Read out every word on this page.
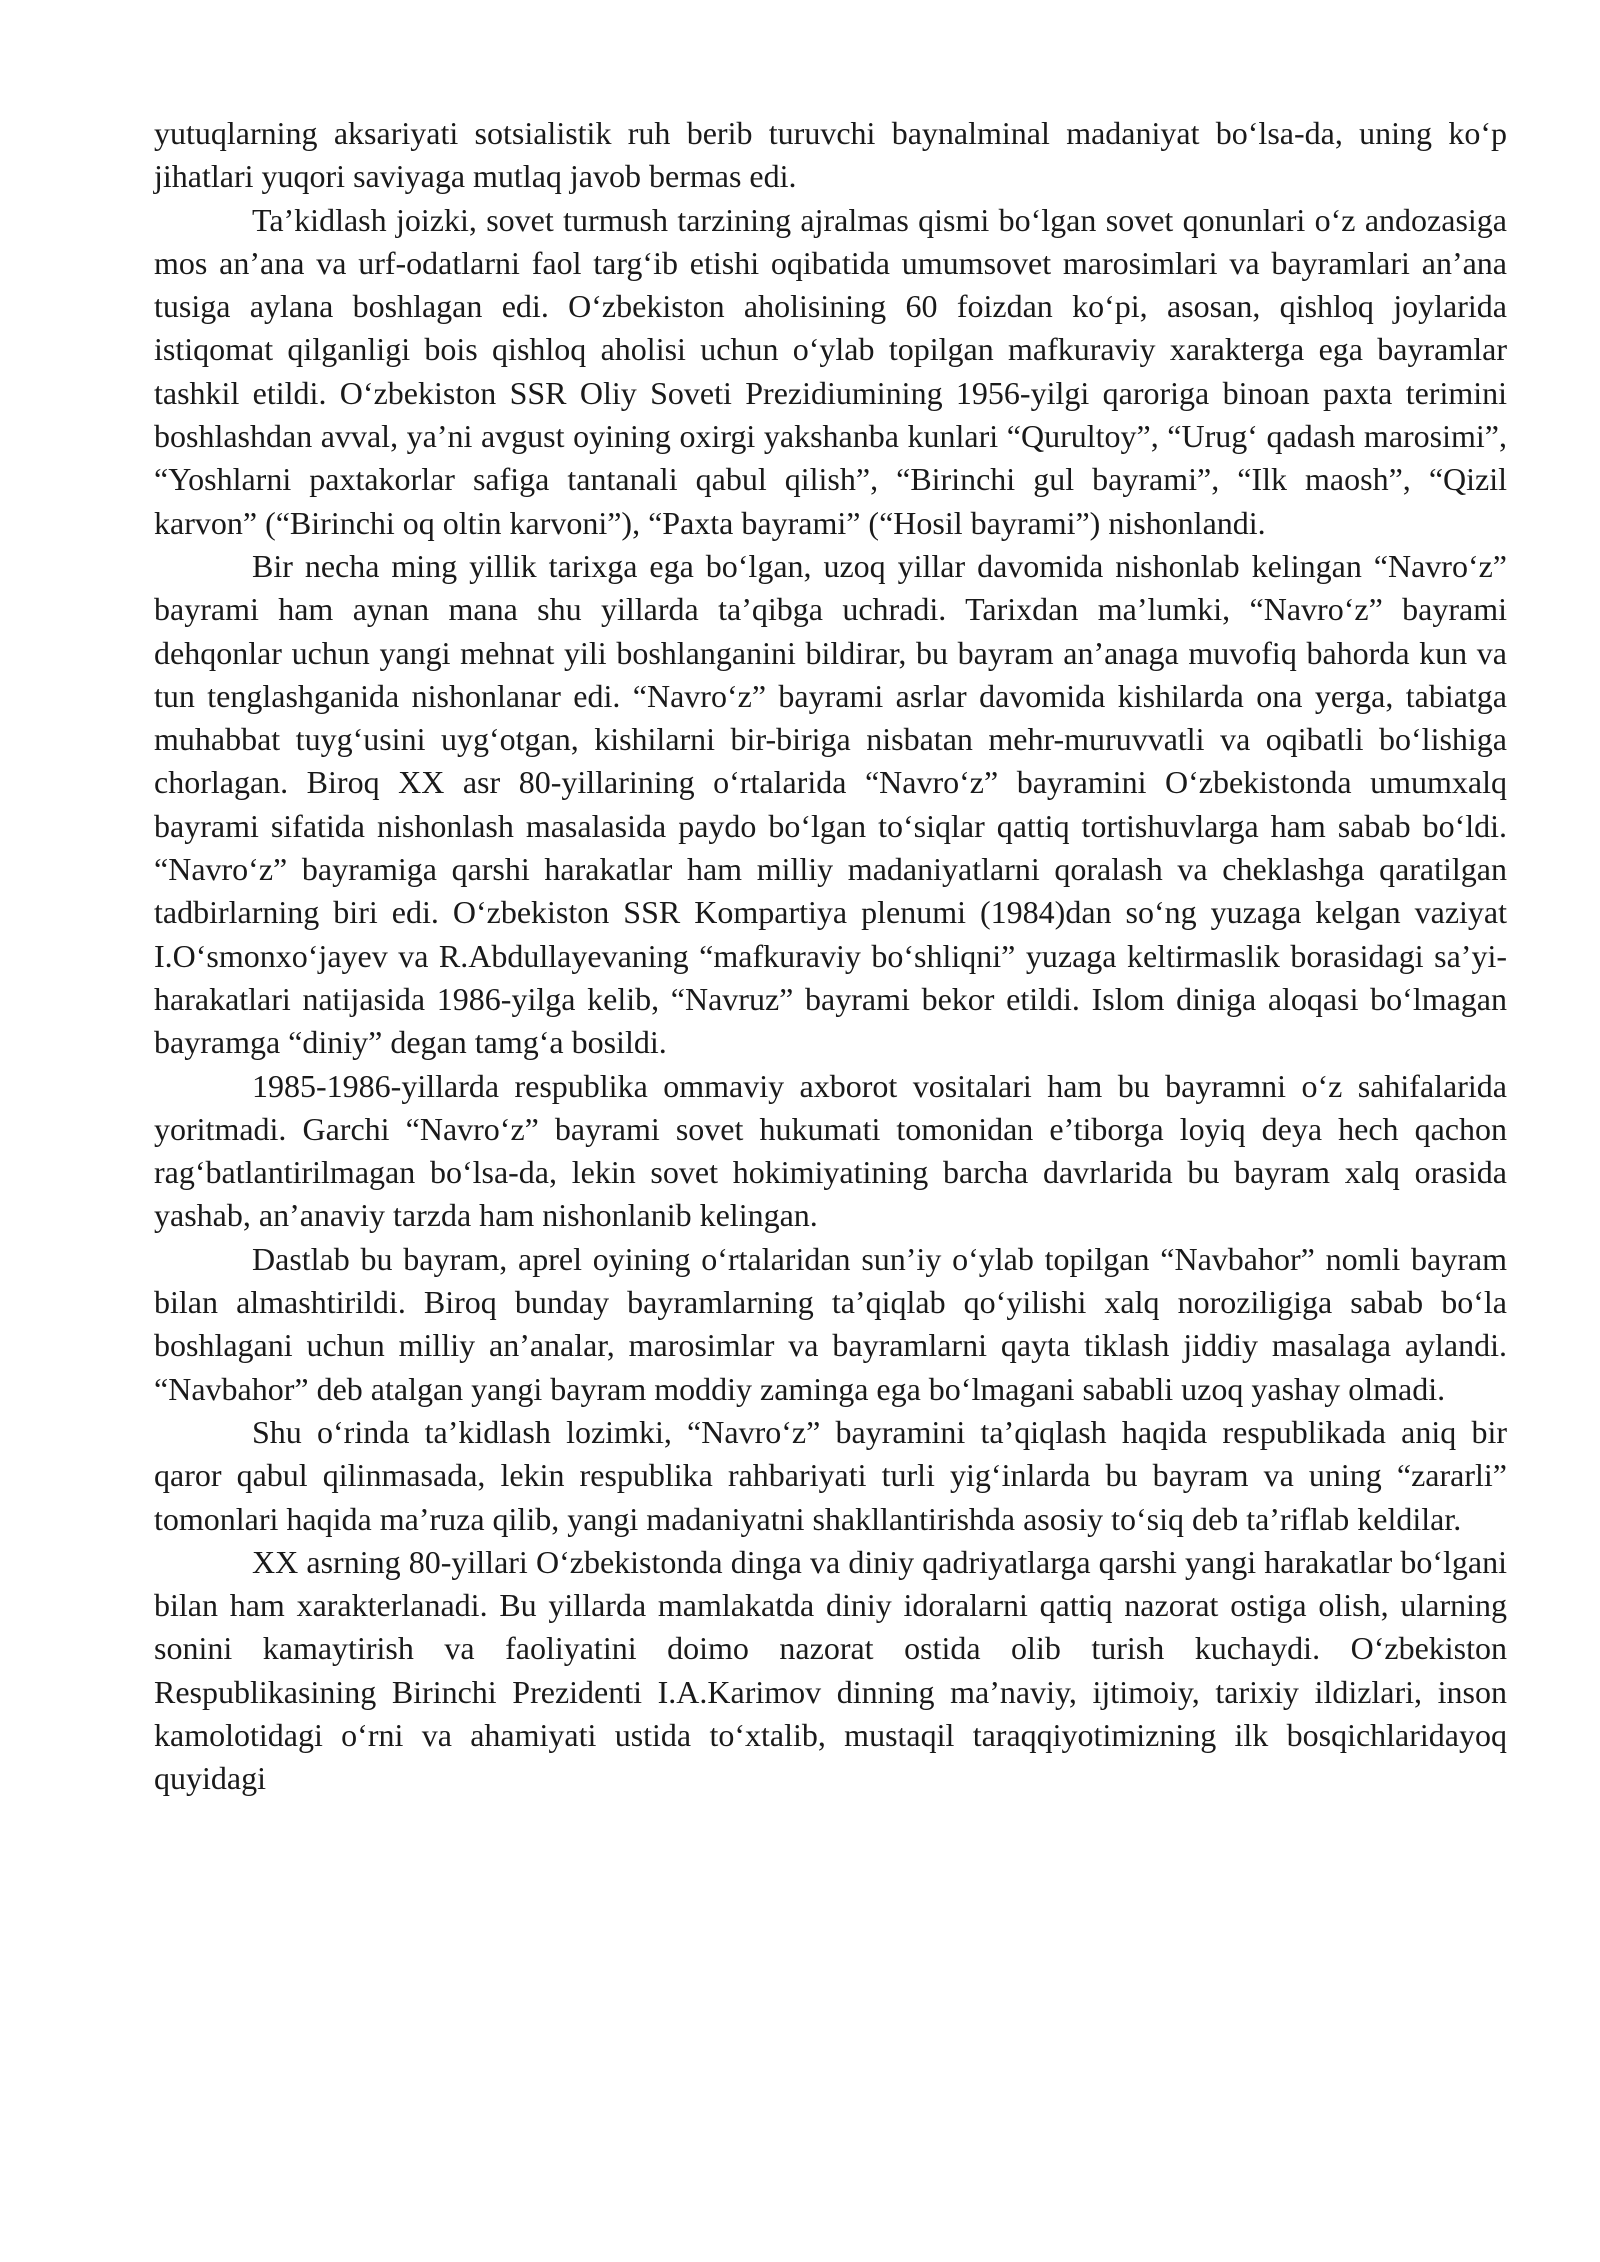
yutuqlarning aksariyati sotsialistik ruh berib turuvchi baynalminal madaniyat bo‘lsa-da, uning ko‘p jihatlari yuqori saviyaga mutlaq javob bermas edi.

Ta’kidlash joizki, sovet turmush tarzining ajralmas qismi bo‘lgan sovet qonunlari o‘z andozasiga mos an’ana va urf-odatlarni faol targ‘ib etishi oqibatida umumsovet marosimlari va bayramlari an’ana tusiga aylana boshlagan edi. O‘zbekiston aholisining 60 foizdan ko‘pi, asosan, qishloq joylarida istiqomat qilganligi bois qishloq aholisi uchun o‘ylab topilgan mafkuraviy xarakterga ega bayramlar tashkil etildi. O‘zbekiston SSR Oliy Soveti Prezidiumining 1956-yilgi qaroriga binoan paxta terimini boshlashdan avval, ya’ni avgust oyining oxirgi yakshanba kunlari “Qurultoy”, “Urug‘ qadash marosimi”, “Yoshlarni paxtakorlar safiga tantanali qabul qilish”, “Birinchi gul bayrami”, “Ilk maosh”, “Qizil karvon” (“Birinchi oq oltin karvoni”), “Paxta bayrami” (“Hosil bayrami”) nishonlandi.

Bir necha ming yillik tarixga ega bo‘lgan, uzoq yillar davomida nishonlab kelingan “Navro‘z” bayrami ham aynan mana shu yillarda ta’qibga uchradi. Tarixdan ma’lumki, “Navro‘z” bayrami dehqonlar uchun yangi mehnat yili boshlanganini bildirar, bu bayram an’anaga muvofiq bahorda kun va tun tenglashganida nishonlanar edi. “Navro‘z” bayrami asrlar davomida kishilarda ona yerga, tabiatga muhabbat tuyg‘usini uyg‘otgan, kishilarni bir-biriga nisbatan mehr-muruvvatli va oqibatli bo‘lishiga chorlagan. Biroq XX asr 80-yillarining o‘rtalarida “Navro‘z” bayramini O‘zbekistonda umumxalq bayrami sifatida nishonlash masalasida paydo bo‘lgan to‘siqlar qattiq tortishuvlarga ham sabab bo‘ldi. “Navro‘z” bayramiga qarshi harakatlar ham milliy madaniyatlarni qoralash va cheklashga qaratilgan tadbirlarning biri edi. O‘zbekiston SSR Kompartiya plenumi (1984)dan so‘ng yuzaga kelgan vaziyat I.O‘smonxo‘jayev va R.Abdullayevaning “mafkuraviy bo‘shliqni” yuzaga keltirmaslik borasidagi sa’yi-harakatlari natijasida 1986-yilga kelib, “Navruz” bayrami bekor etildi. Islom diniga aloqasi bo‘lmagan bayramga “diniy” degan tamg‘a bosildi.

1985-1986-yillarda respublika ommaviy axborot vositalari ham bu bayramni o‘z sahifalarida yoritmadi. Garchi “Navro‘z” bayrami sovet hukumati tomonidan e’tiborga loyiq deya hech qachon rag‘batlantirilmagan bo‘lsa-da, lekin sovet hokimiyatining barcha davrlarida bu bayram xalq orasida yashab, an’anaviy tarzda ham nishonlanib kelingan.

Dastlab bu bayram, aprel oyining o‘rtalaridan sun’iy o‘ylab topilgan “Navbahor” nomli bayram bilan almashtirildi. Biroq bunday bayramlarning ta’qiqlab qo‘yilishi xalq noroziligiga sabab bo‘la boshlagani uchun milliy an’analar, marosimlar va bayramlarni qayta tiklash jiddiy masalaga aylandi. “Navbahor” deb atalgan yangi bayram moddiy zaminga ega bo‘lmagani sababli uzoq yashay olmadi.

Shu o‘rinda ta’kidlash lozimki, “Navro‘z” bayramini ta’qiqlash haqida respublikada aniq bir qaror qabul qilinmasada, lekin respublika rahbariyati turli yig‘inlarda bu bayram va uning “zararli” tomonlari haqida ma’ruza qilib, yangi madaniyatni shakllantirishda asosiy to‘siq deb ta’riflab keldilar.

XX asrning 80-yillari O‘zbekistonda dinga va diniy qadriyatlarga qarshi yangi harakatlar bo‘lgani bilan ham xarakterlanadi. Bu yillarda mamlakatda diniy idoralarni qattiq nazorat ostiga olish, ularning sonini kamaytirish va faoliyatini doimo nazorat ostida olib turish kuchaydi. O‘zbekiston Respublikasining Birinchi Prezidenti I.A.Karimov dinning ma’naviy, ijtimoiy, tarixiy ildizlari, inson kamolotidagi o‘rni va ahamiyati ustida to‘xtalib, mustaqil taraqqiyotimizning ilk bosqichlaridayoq quyidagi
